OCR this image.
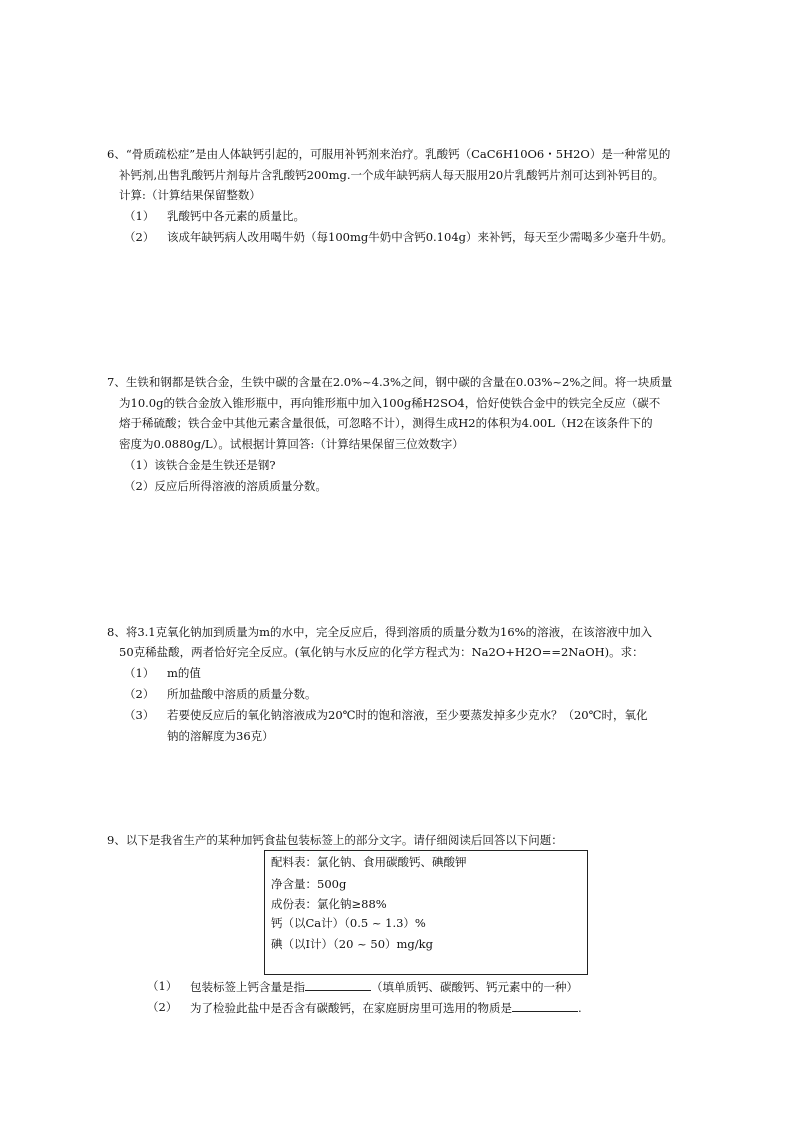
6、“骨质疏松症”是由人体缺钙引起的，可服用补钙剂来治疗。乳酸钙（CaC6H10O6・5H2O）是一种常见的
补钙剂,出售乳酸钙片剂每片含乳酸钙200mg.一个成年缺钙病人每天服用20片乳酸钙片剂可达到补钙目的。
计算:（计算结果保留整数）
（1） 乳酸钙中各元素的质量比。
（2） 该成年缺钙病人改用喝牛奶（每100mg牛奶中含钙0.104g）来补钙，每天至少需喝多少毫升牛奶。
7、生铁和钢都是铁合金，生铁中碳的含量在2.0%~4.3%之间，钢中碳的含量在0.03%~2%之间。将一块质量
为10.0g的铁合金放入锥形瓶中，再向锥形瓶中加入100g稀H2SO4，恰好使铁合金中的铁完全反应（碳不
熔于稀硫酸；铁合金中其他元素含量很低，可忽略不计），测得生成H2的体积为4.00L（H2在该条件下的
密度为0.0880g/L）。试根据计算回答:（计算结果保留三位效数字）
（1）该铁合金是生铁还是钢?
（2）反应后所得溶液的溶质质量分数。
8、将3.1克氧化钠加到质量为m的水中，完全反应后，得到溶质的质量分数为16%的溶液，在该溶液中加入
50克稀盐酸，两者恰好完全反应。(氧化钠与水反应的化学方程式为：Na2O+H2O==2NaOH)。求：
（1） m的值
（2） 所加盐酸中溶质的质量分数。
（3） 若要使反应后的氧化钠溶液成为20℃时的饱和溶液，至少要蒸发掉多少克水？（20℃时，氧化
钠的溶解度为36克）
9、以下是我省生产的某种加钙食盐包装标签上的部分文字。请仔细阅读后回答以下问题：
配料表：氯化钠、食用碳酸钙、碘酸钾
净含量：500g
成份表：氯化钠≥88%
钙（以Ca计）（0.5 ~ 1.3）%
碘（以I计）（20 ~ 50）mg/kg
（1） 包装标签上钙含量是指	（填单质钙、碳酸钙、钙元素中的一种）
（2） 为了检验此盐中是否含有碳酸钙，在家庭厨房里可选用的物质是	.
